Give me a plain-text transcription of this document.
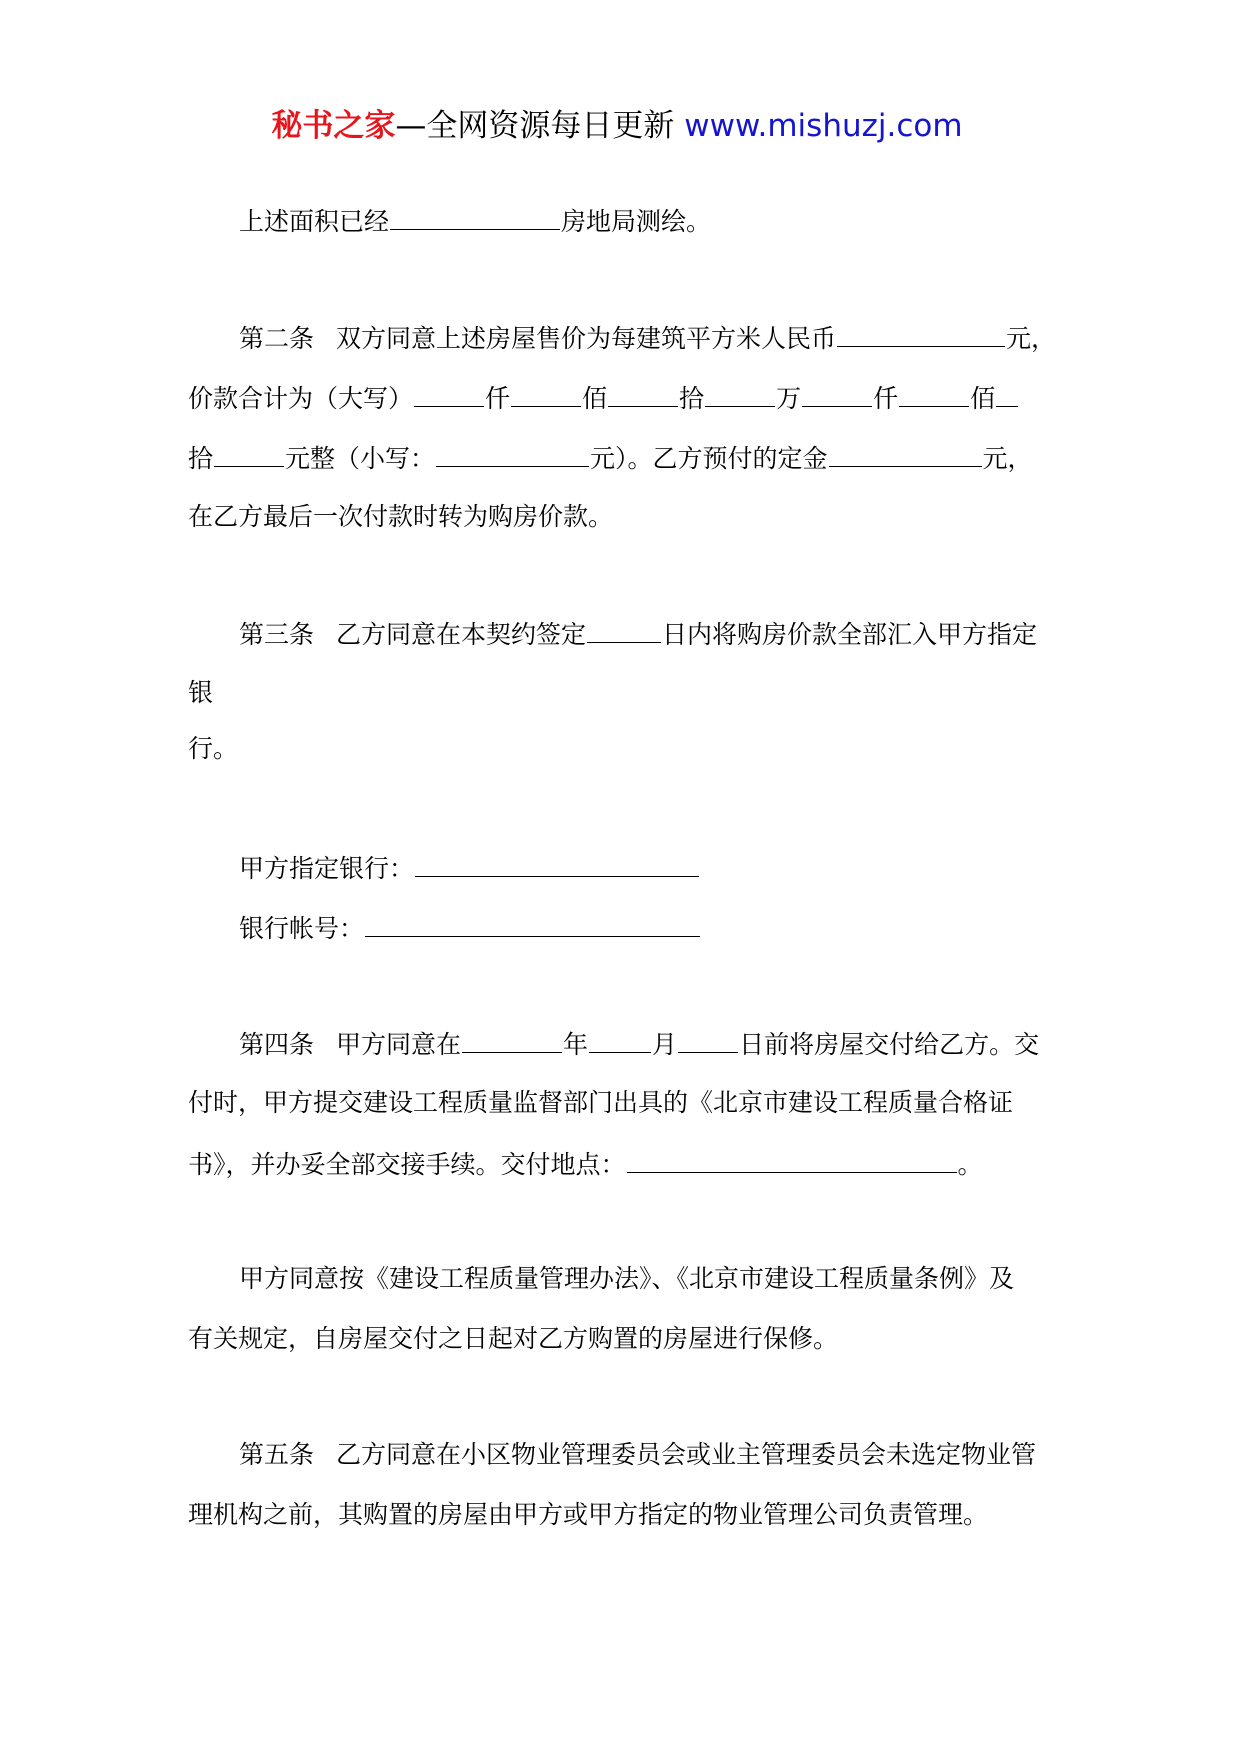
秘书之家—全网资源每日更新 www.mishuzj.com
上述面积已经	房地局测绘。
第二条 双方同意上述房屋售价为每建筑平方米人民币	元，
价款合计为（大写）	仟	佰	拾	万	仟	佰
拾	元整（小写：	元）。乙方预付的定金	元，
在乙方最后一次付款时转为购房价款。
第三条 乙方同意在本契约签定	日内将购房价款全部汇入甲方指定
银
行。
甲方指定银行：
银行帐号：
第四条 甲方同意在	年	月 日前将房屋交付给乙方。交
付时，甲方提交建设工程质量监督部门出具的《北京市建设工程质量合格证
书》，并办妥全部交接手续。交付地点：	。
甲方同意按《建设工程质量管理办法》、《北京市建设工程质量条例》及
有关规定，自房屋交付之日起对乙方购置的房屋进行保修。
第五条 乙方同意在小区物业管理委员会或业主管理委员会未选定物业管
理机构之前，其购置的房屋由甲方或甲方指定的物业管理公司负责管理。
